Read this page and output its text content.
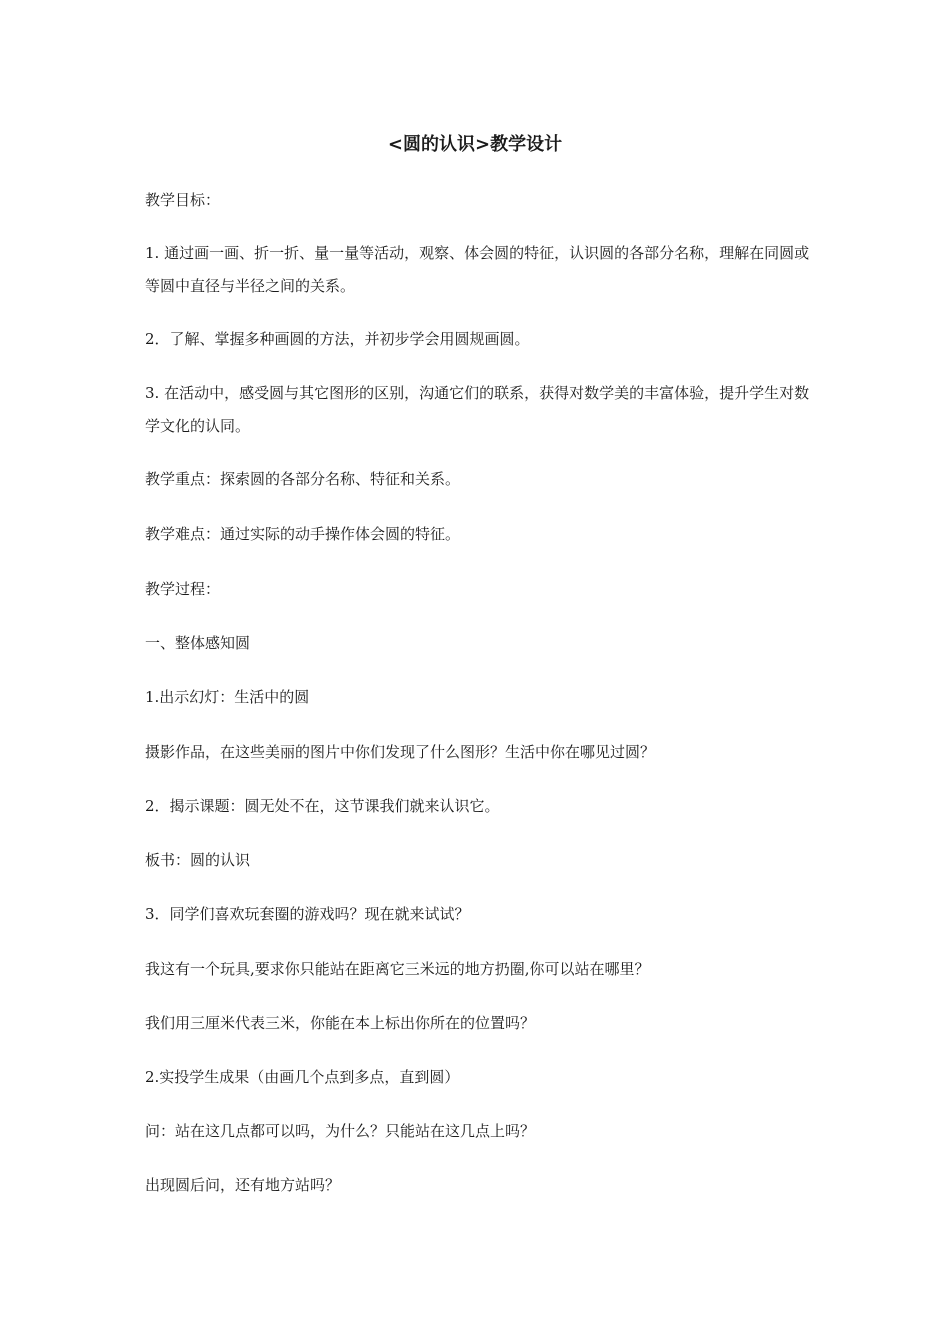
<圆的认识>教学设计

教学目标：

1. 通过画一画、折一折、量一量等活动，观察、体会圆的特征，认识圆的各部分名称，理解在同圆或等圆中直径与半径之间的关系。

2．了解、掌握多种画圆的方法，并初步学会用圆规画圆。

3. 在活动中，感受圆与其它图形的区别，沟通它们的联系，获得对数学美的丰富体验，提升学生对数学文化的认同。

教学重点：探索圆的各部分名称、特征和关系。

教学难点：通过实际的动手操作体会圆的特征。

教学过程：

一、整体感知圆

1.出示幻灯：生活中的圆

摄影作品，在这些美丽的图片中你们发现了什么图形？生活中你在哪见过圆？

2．揭示课题：圆无处不在，这节课我们就来认识它。

板书：圆的认识

3．同学们喜欢玩套圈的游戏吗？现在就来试试？

我这有一个玩具,要求你只能站在距离它三米远的地方扔圈,你可以站在哪里？

我们用三厘米代表三米，你能在本上标出你所在的位置吗？

2.实投学生成果（由画几个点到多点，直到圆）

问：站在这几点都可以吗，为什么？只能站在这几点上吗？

出现圆后问，还有地方站吗？
